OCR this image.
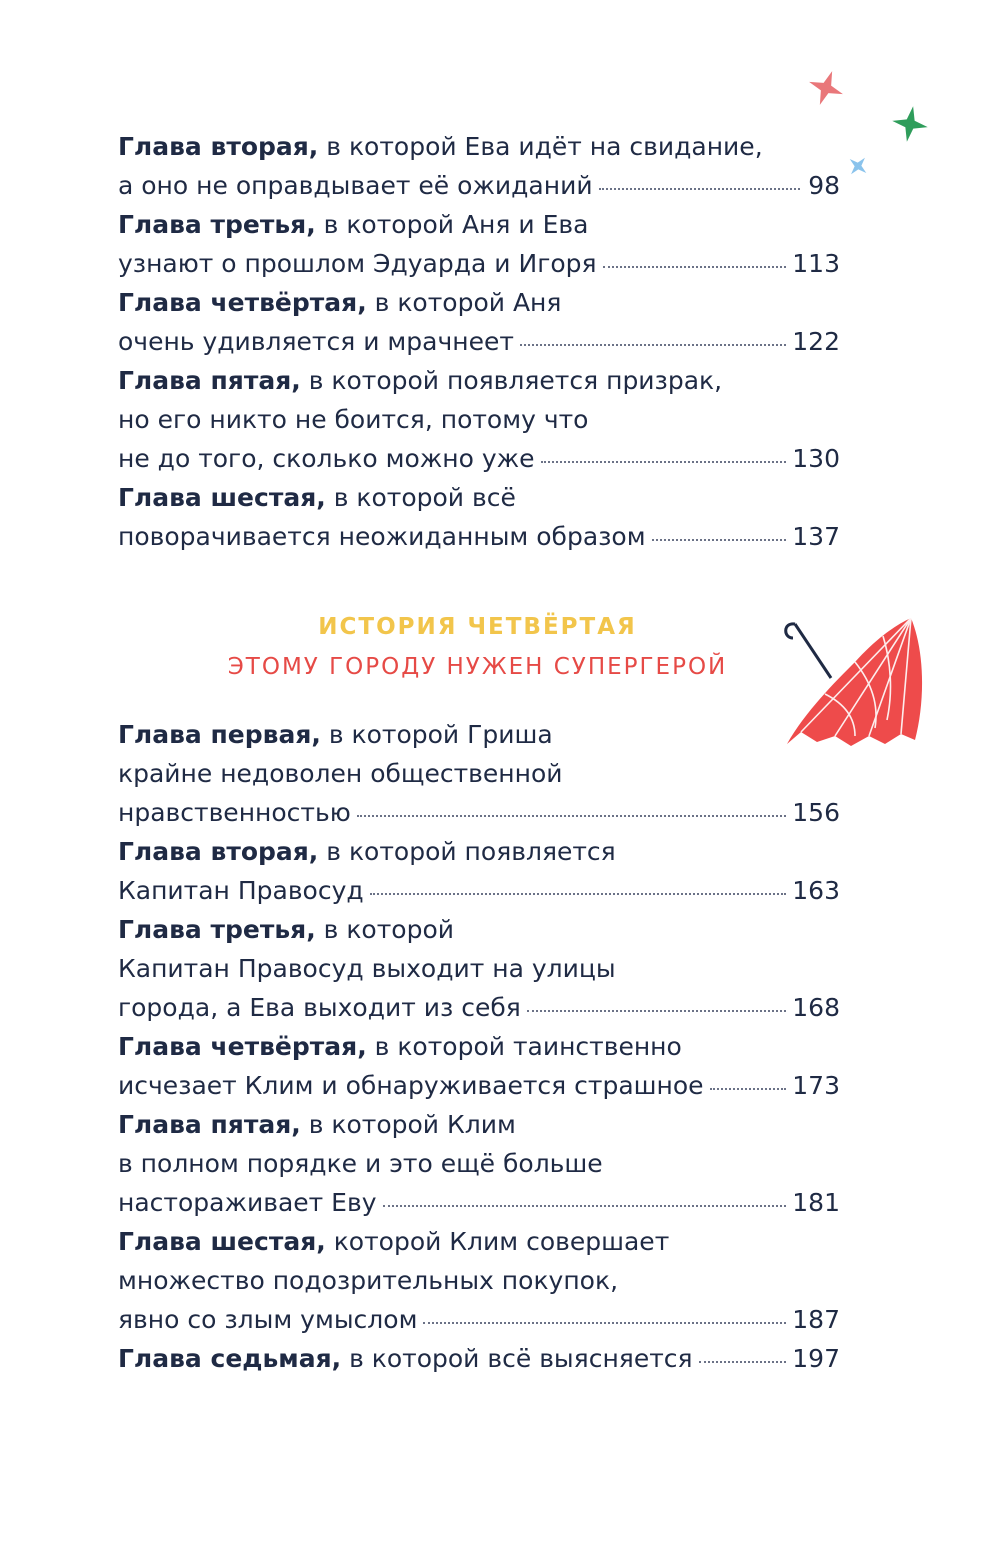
Глава вторая, в которой Ева идёт на свидание,
а оно не оправдывает её ожиданий	98
Глава третья, в которой Аня и Ева
узнают о прошлом Эдуарда и Игоря	113
Глава четвёртая, в которой Аня
очень удивляется и мрачнеет	122
Глава пятая, в которой появляется призрак,
но его никто не боится, потому что
не до того, сколько можно уже	130
Глава шестая, в которой всё
поворачивается неожиданным образом	137
ИСТОРИЯ ЧЕТВЁРТАЯ
ЭТОМУ ГОРОДУ НУЖЕН СУПЕРГЕРОЙ
Глава первая, в которой Гриша
крайне недоволен общественной
нравственностью	156
Глава вторая, в которой появляется
Капитан Правосуд	163
Глава третья, в которой
Капитан Правосуд выходит на улицы
города, а Ева выходит из себя	168
Глава четвёртая, в которой таинственно
исчезает Клим и обнаруживается страшное	173
Глава пятая, в которой Клим
в полном порядке и это ещё больше
настораживает Еву	181
Глава шестая, которой Клим совершает
множество подозрительных покупок,
явно со злым умыслом	187
Глава седьмая, в которой всё выясняется	197
